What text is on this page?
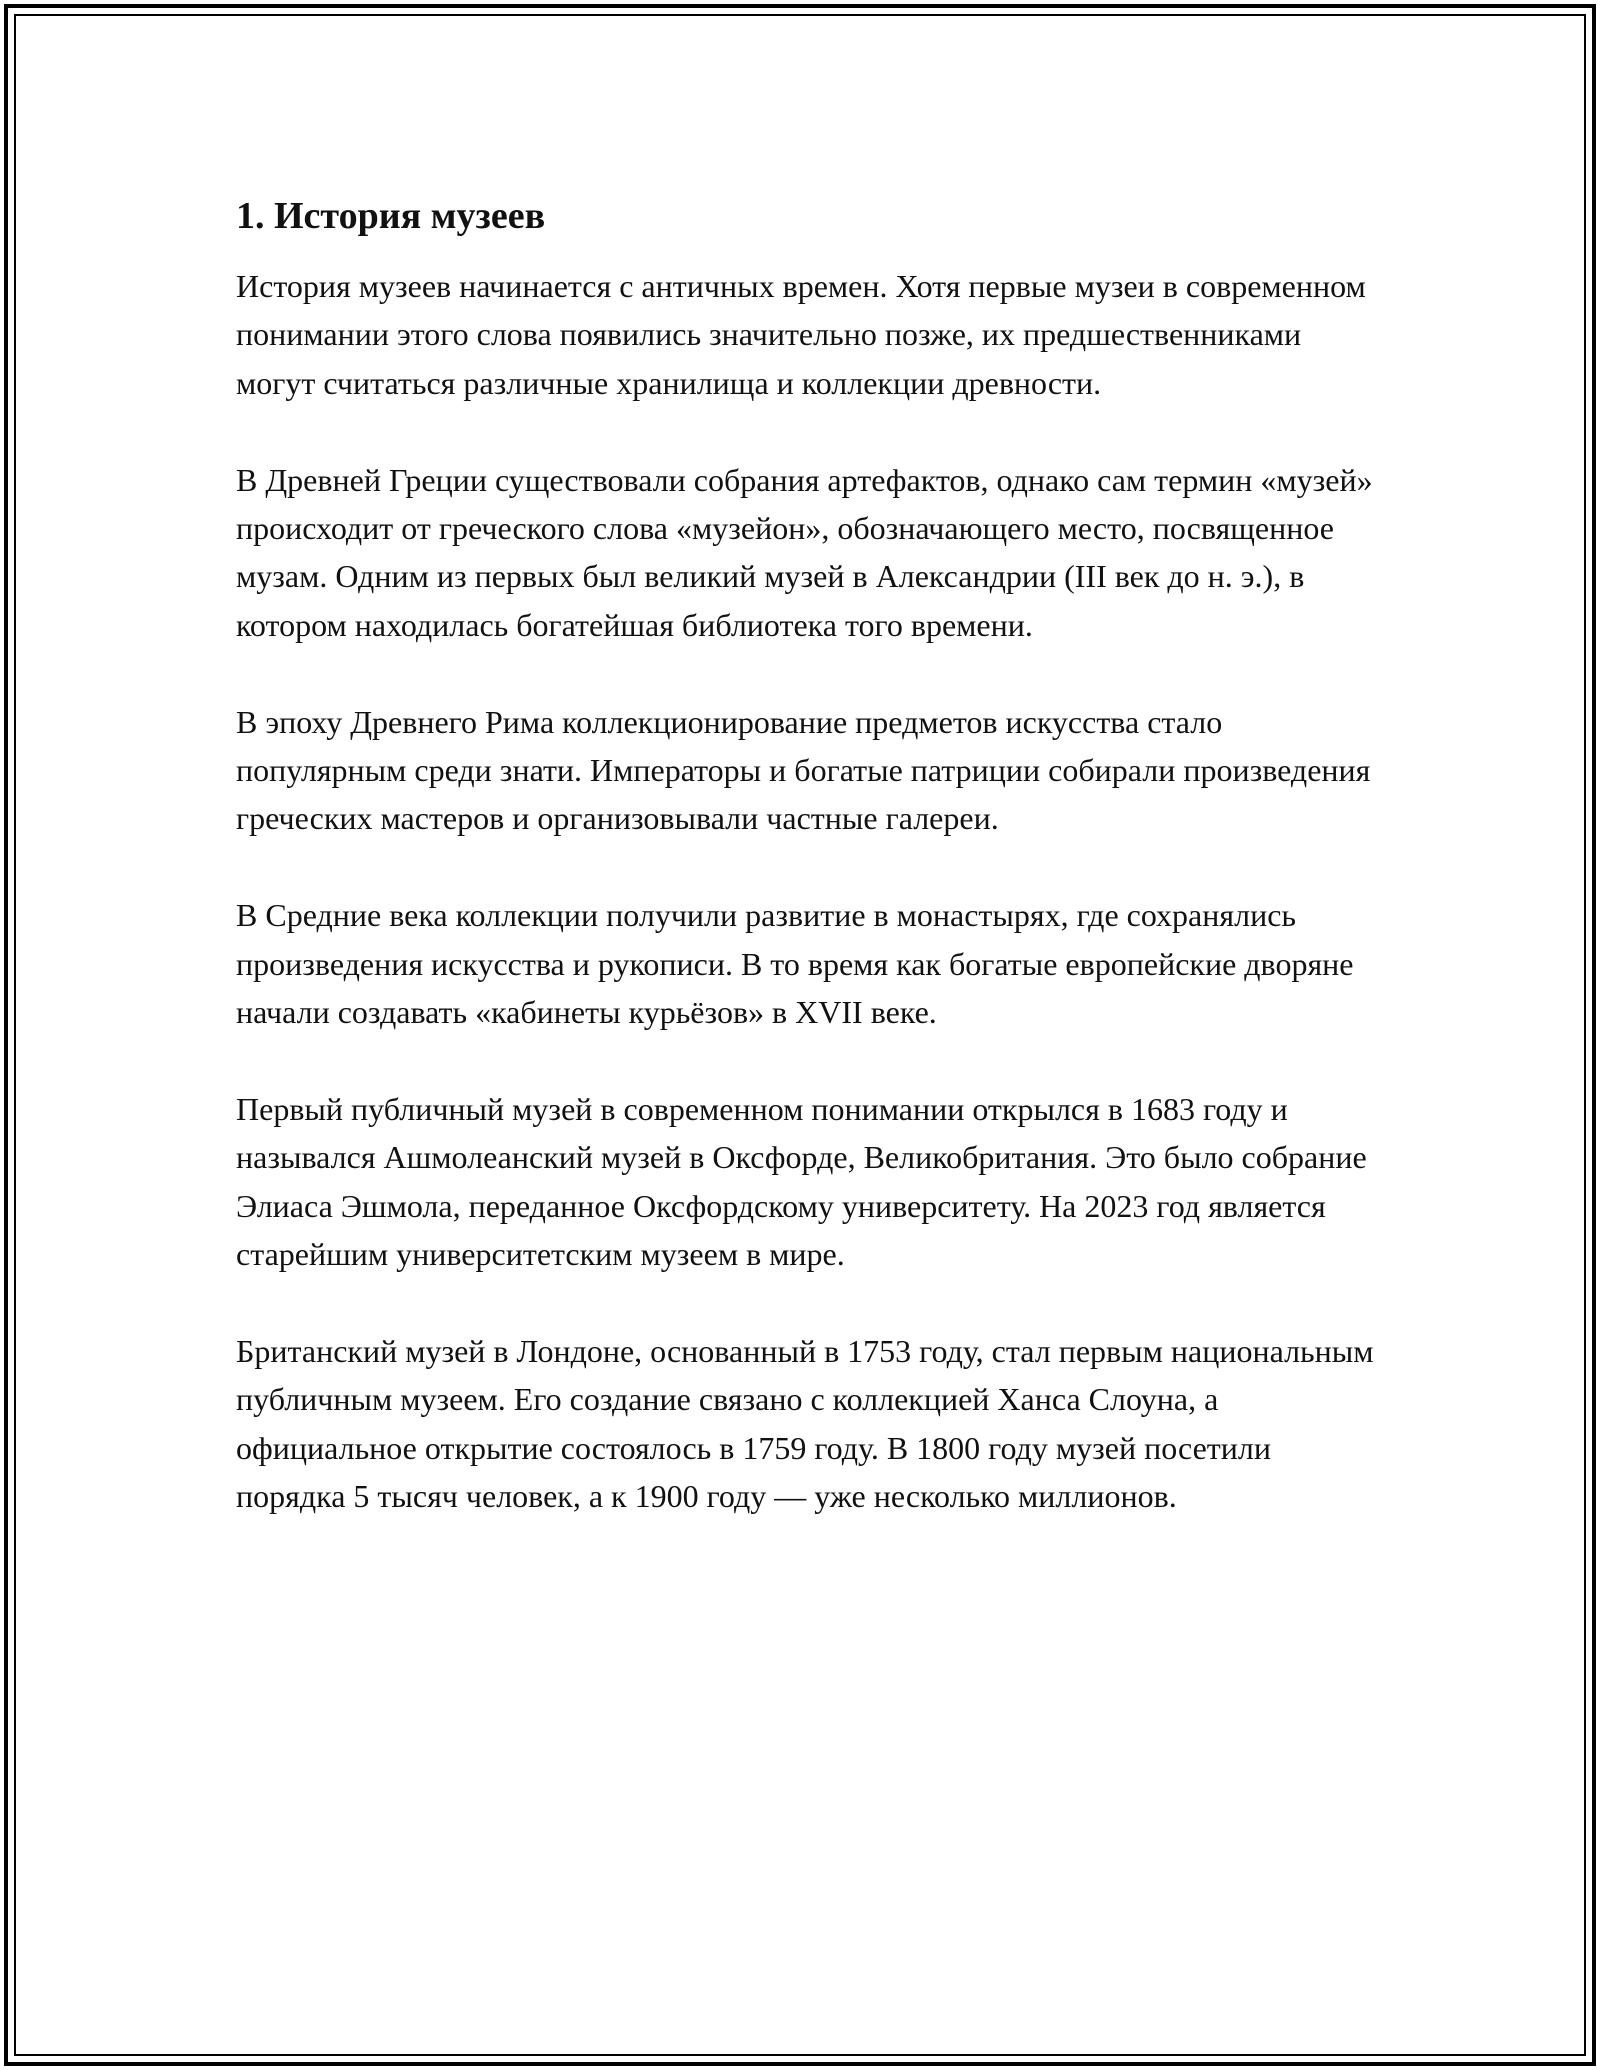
1. История музеев

История музеев начинается с античных времен. Хотя первые музеи в современном понимании этого слова появились значительно позже, их предшественниками могут считаться различные хранилища и коллекции древности.

В Древней Греции существовали собрания артефактов, однако сам термин «музей» происходит от греческого слова «музейон», обозначающего место, посвященное музам. Одним из первых был великий музей в Александрии (III век до н. э.), в котором находилась богатейшая библиотека того времени.

В эпоху Древнего Рима коллекционирование предметов искусства стало популярным среди знати. Императоры и богатые патриции собирали произведения греческих мастеров и организовывали частные галереи.

В Средние века коллекции получили развитие в монастырях, где сохранялись произведения искусства и рукописи. В то время как богатые европейские дворяне начали создавать «кабинеты курьёзов» в XVII веке.

Первый публичный музей в современном понимании открылся в 1683 году и назывался Ашмолеанский музей в Оксфорде, Великобритания. Это было собрание Элиаса Эшмола, переданное Оксфордскому университету. На 2023 год является старейшим университетским музеем в мире.

Британский музей в Лондоне, основанный в 1753 году, стал первым национальным публичным музеем. Его создание связано с коллекцией Ханса Слоуна, а официальное открытие состоялось в 1759 году. В 1800 году музей посетили порядка 5 тысяч человек, а к 1900 году — уже несколько миллионов.
